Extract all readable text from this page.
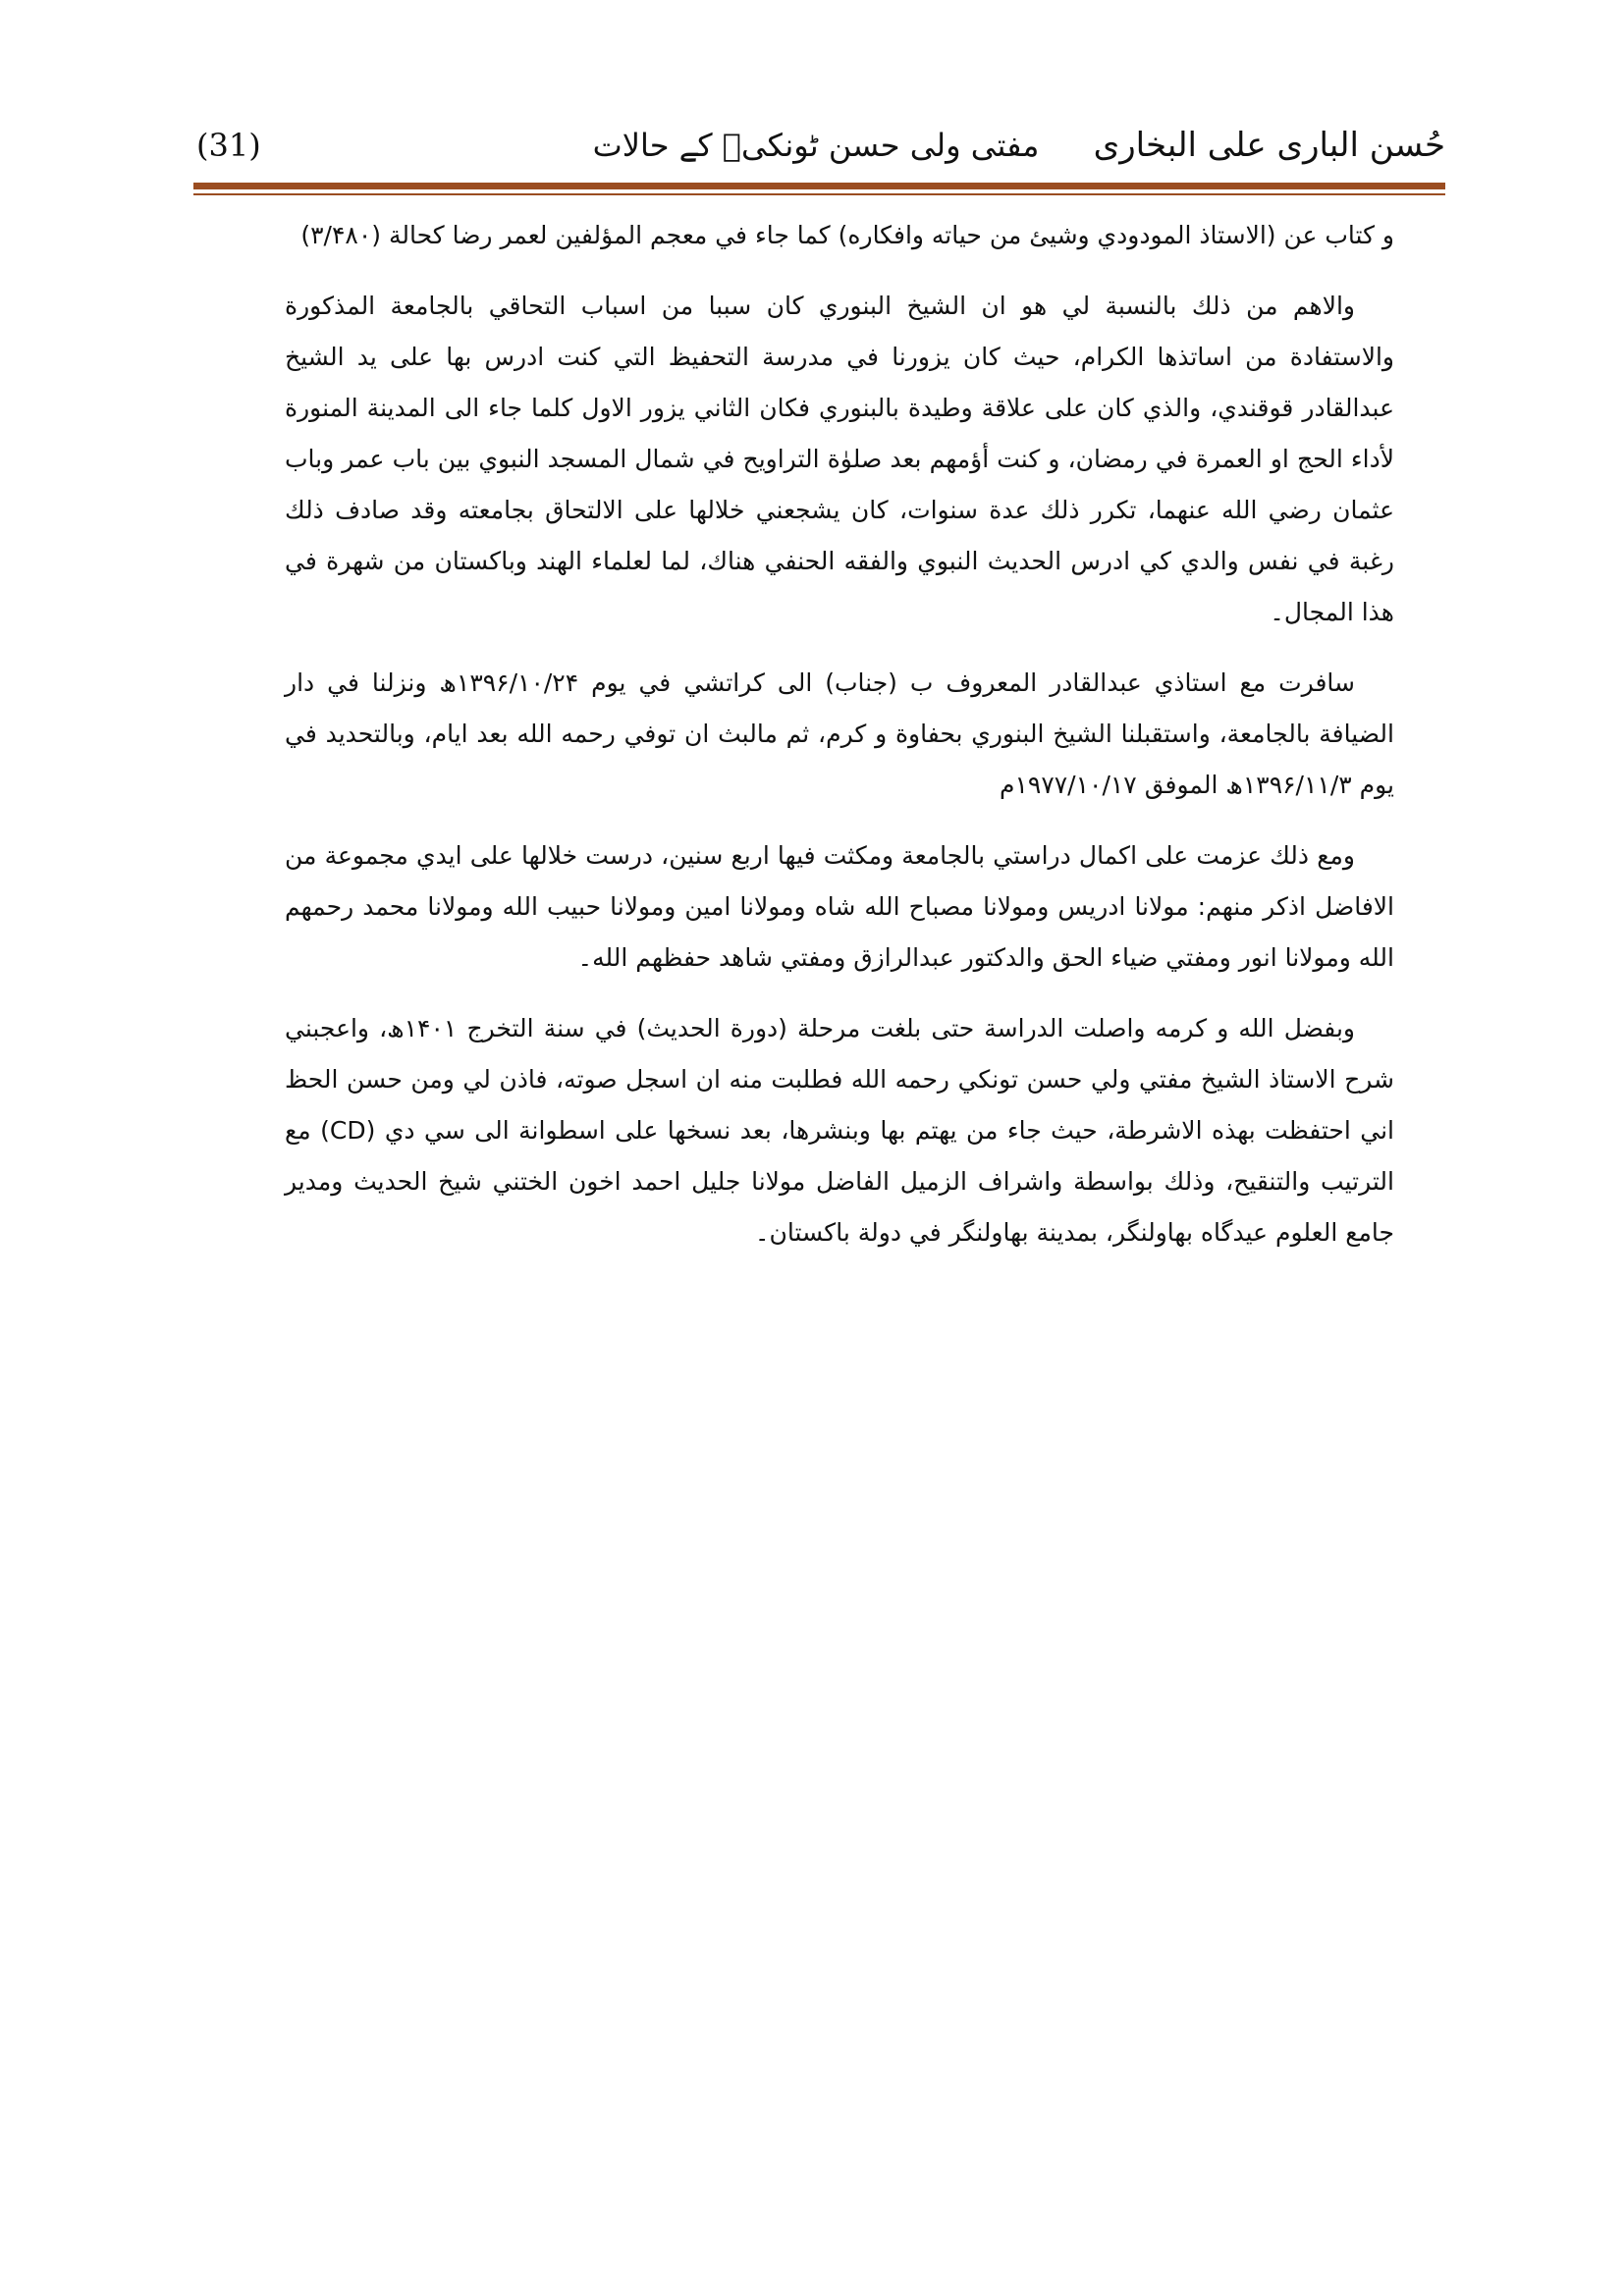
حُسن الباری علی البخاری
مفتی ولی حسن ٹونکیؒ کے حالات
(31)

و كتاب عن (الاستاذ المودودي وشيئ من حياته وافكاره) كما جاء في معجم المؤلفين لعمر رضا كحالة (۳/۴۸۰)

والاهم من ذلك بالنسبة لي هو ان الشيخ البنوري كان سببا من اسباب التحاقي بالجامعة المذكورة والاستفادة من اساتذها الكرام، حيث كان يزورنا في مدرسة التحفيظ التي كنت ادرس بها على يد الشيخ عبدالقادر قوقندي، والذي كان على علاقة وطيدة بالبنوري فكان الثاني يزور الاول كلما جاء الى المدينة المنورة لأداء الحج او العمرة في رمضان، و كنت أؤمهم بعد صلوٰة التراويح في شمال المسجد النبوي بين باب عمر وباب عثمان رضي الله عنهما، تكرر ذلك عدة سنوات، كان يشجعني خلالها على الالتحاق بجامعته وقد صادف ذلك رغبة في نفس والدي كي ادرس الحديث النبوي والفقه الحنفي هناك، لما لعلماء الهند وباكستان من شهرة في هذا المجال۔

سافرت مع استاذي عبدالقادر المعروف ب (جناب) الى كراتشي في يوم ۱۳۹۶/۱۰/۲۴ھ ونزلنا في دار الضيافة بالجامعة، واستقبلنا الشيخ البنوري بحفاوة و كرم، ثم مالبث ان توفي رحمه الله بعد ايام، وبالتحديد في يوم ۱۳۹۶/۱۱/۳ھ الموفق ۱۹۷۷/۱۰/۱۷م

ومع ذلك عزمت على اكمال دراستي بالجامعة ومكثت فيها اربع سنين، درست خلالها على ايدي مجموعة من الافاضل اذكر منهم: مولانا ادريس ومولانا مصباح الله شاه ومولانا امين ومولانا حبيب الله ومولانا محمد رحمهم الله ومولانا انور ومفتي ضياء الحق والدكتور عبدالرازق ومفتي شاهد حفظهم الله۔

وبفضل الله و كرمه واصلت الدراسة حتى بلغت مرحلة (دورة الحديث) في سنة التخرج ۱۴۰۱ھ، واعجبني شرح الاستاذ الشيخ مفتي ولي حسن تونكي رحمه الله فطلبت منه ان اسجل صوته، فاذن لي ومن حسن الحظ اني احتفظت بهذه الاشرطة، حيث جاء من يهتم بها وبنشرها، بعد نسخها على اسطوانة الى سي دي (CD) مع الترتيب والتنقيح، وذلك بواسطة واشراف الزميل الفاضل مولانا جليل احمد اخون الختني شيخ الحديث ومدير جامع العلوم عيدگاه بهاولنگر، بمدينة بهاولنگر في دولة باكستان۔
